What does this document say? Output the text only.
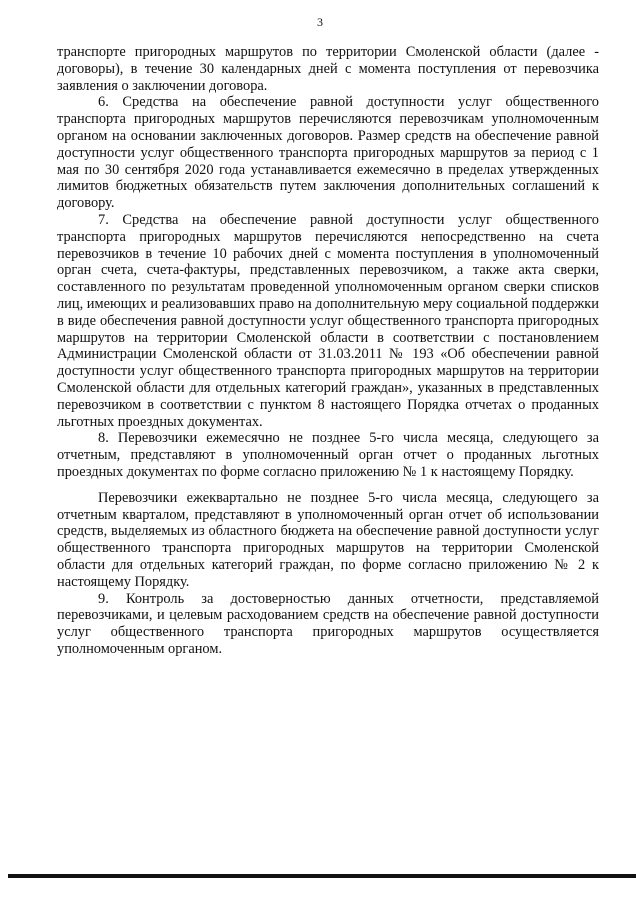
3

транспорте пригородных маршрутов по территории Смоленской области (далее - договоры), в течение 30 календарных дней с момента поступления от перевозчика заявления о заключении договора.

6. Средства на обеспечение равной доступности услуг общественного транспорта пригородных маршрутов перечисляются перевозчикам уполномоченным органом на основании заключенных договоров. Размер средств на обеспечение равной доступности услуг общественного транспорта пригородных маршрутов за период с 1 мая по 30 сентября 2020 года устанавливается ежемесячно в пределах утвержденных лимитов бюджетных обязательств путем заключения дополнительных соглашений к договору.

7. Средства на обеспечение равной доступности услуг общественного транспорта пригородных маршрутов перечисляются непосредственно на счета перевозчиков в течение 10 рабочих дней с момента поступления в уполномоченный орган счета, счета-фактуры, представленных перевозчиком, а также акта сверки, составленного по результатам проведенной уполномоченным органом сверки списков лиц, имеющих и реализовавших право на дополнительную меру социальной поддержки в виде обеспечения равной доступности услуг общественного транспорта пригородных маршрутов на территории Смоленской области в соответствии с постановлением Администрации Смоленской области от 31.03.2011 № 193 «Об обеспечении равной доступности услуг общественного транспорта пригородных маршрутов на территории Смоленской области для отдельных категорий граждан», указанных в представленных перевозчиком в соответствии с пунктом 8 настоящего Порядка отчетах о проданных льготных проездных документах.

8. Перевозчики ежемесячно не позднее 5-го числа месяца, следующего за отчетным, представляют в уполномоченный орган отчет о проданных льготных проездных документах по форме согласно приложению № 1 к настоящему Порядку.

Перевозчики ежеквартально не позднее 5-го числа месяца, следующего за отчетным кварталом, представляют в уполномоченный орган отчет об использовании средств, выделяемых из областного бюджета на обеспечение равной доступности услуг общественного транспорта пригородных маршрутов на территории Смоленской области для отдельных категорий граждан, по форме согласно приложению № 2 к настоящему Порядку.

9. Контроль за достоверностью данных отчетности, представляемой перевозчиками, и целевым расходованием средств на обеспечение равной доступности услуг общественного транспорта пригородных маршрутов осуществляется уполномоченным органом.
